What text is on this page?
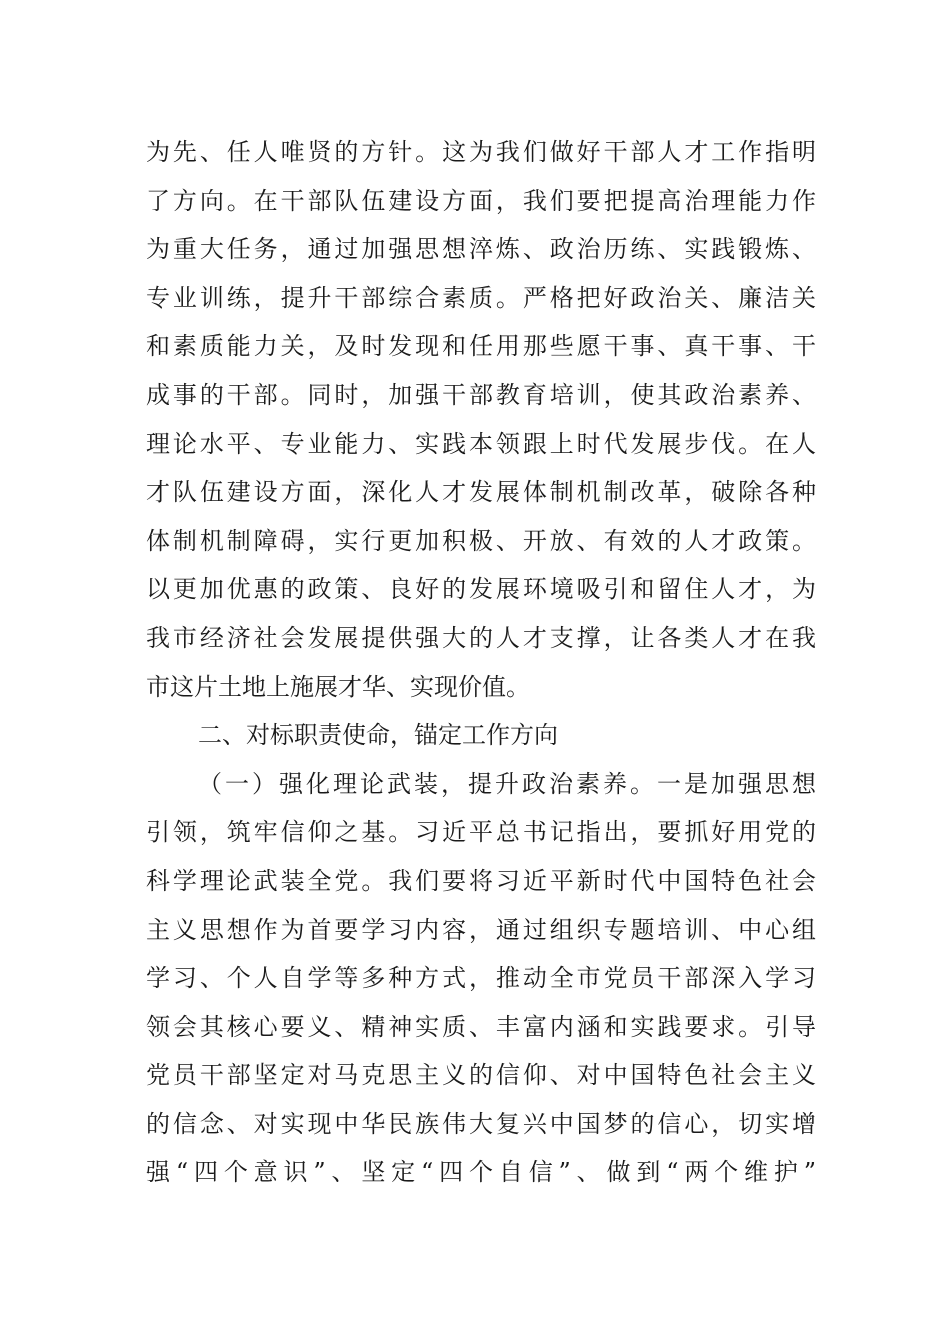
为先、任人唯贤的方针。这为我们做好干部人才工作指明
了方向。在干部队伍建设方面，我们要把提高治理能力作
为重大任务，通过加强思想淬炼、政治历练、实践锻炼、
专业训练，提升干部综合素质。严格把好政治关、廉洁关
和素质能力关，及时发现和任用那些愿干事、真干事、干
成事的干部。同时，加强干部教育培训，使其政治素养、
理论水平、专业能力、实践本领跟上时代发展步伐。在人
才队伍建设方面，深化人才发展体制机制改革，破除各种
体制机制障碍，实行更加积极、开放、有效的人才政策。
以更加优惠的政策、良好的发展环境吸引和留住人才，为
我市经济社会发展提供强大的人才支撑，让各类人才在我
市这片土地上施展才华、实现价值。
二、对标职责使命，锚定工作方向
（一）强化理论武装，提升政治素养。一是加强思想
引领，筑牢信仰之基。习近平总书记指出，要抓好用党的
科学理论武装全党。我们要将习近平新时代中国特色社会
主义思想作为首要学习内容，通过组织专题培训、中心组
学习、个人自学等多种方式，推动全市党员干部深入学习
领会其核心要义、精神实质、丰富内涵和实践要求。引导
党员干部坚定对马克思主义的信仰、对中国特色社会主义
的信念、对实现中华民族伟大复兴中国梦的信心，切实增
强“四个意识”、坚定“四个自信”、做到“两个维护”
